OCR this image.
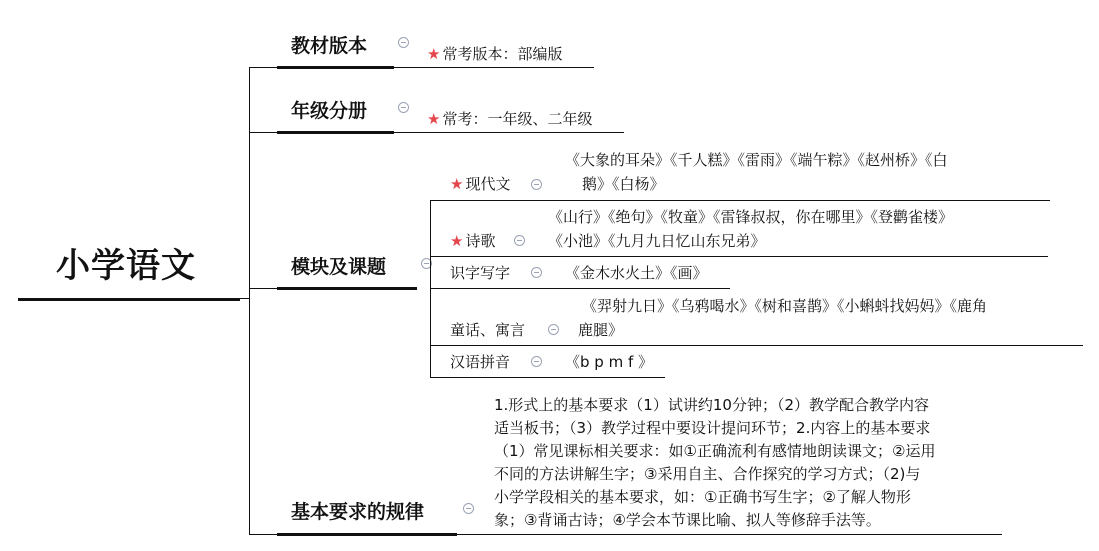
小学语文
教材版本	★ 常考版本：部编版
年级分册	★ 常考：一年级、二年级
模块及课题
★ 现代文
《大象的耳朵》《千人糕》《雷雨》《端午粽》《赵州桥》《白
鹅》《白杨》
★ 诗歌
《山行》《绝句》《牧童》《雷锋叔叔，你在哪里》《登鹳雀楼》
《小池》《九月九日忆山东兄弟》
识字写字	《金木水火土》《画》
童话、寓言
《羿射九日》《乌鸦喝水》《树和喜鹊》《小蝌蚪找妈妈》《鹿角
鹿腿》
汉语拼音	《b p m f 》
基本要求的规律
1.形式上的基本要求（1）试讲约10分钟；（2）教学配合教学内容
适当板书；（3）教学过程中要设计提问环节；2.内容上的基本要求
（1）常见课标相关要求：如①正确流利有感情地朗读课文；②运用
不同的方法讲解生字；③采用自主、合作探究的学习方式；（2)与
小学学段相关的基本要求，如：①正确书写生字；②了解人物形
象；③背诵古诗；④学会本节课比喻、拟人等修辞手法等。
